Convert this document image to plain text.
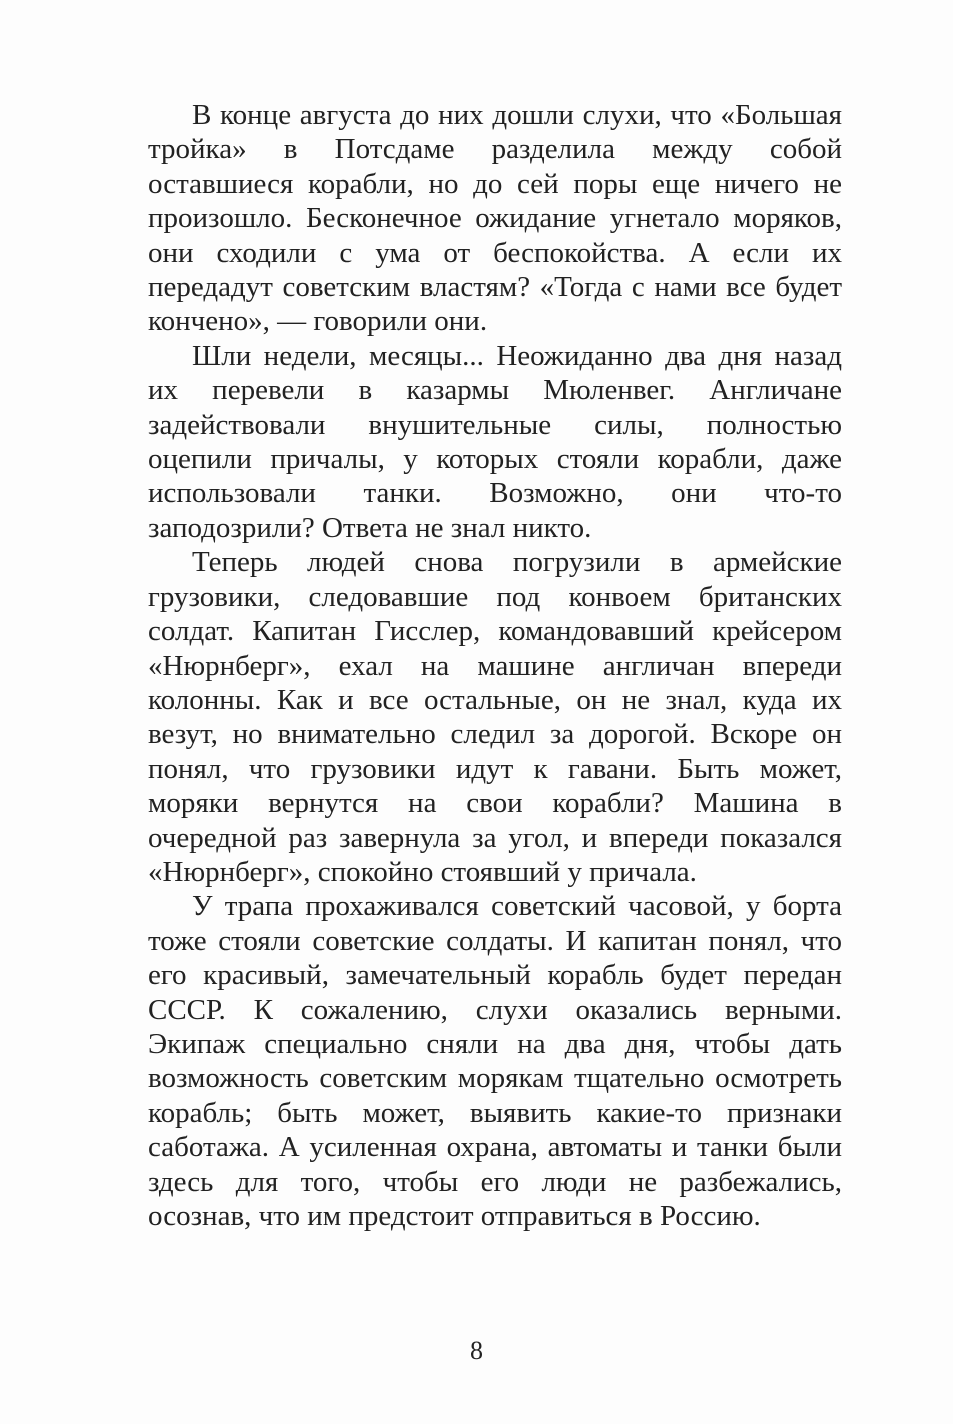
В конце августа до них дошли слухи, что «Большая тройка» в Потсдаме разделила между собой оставшиеся корабли, но до сей поры еще ничего не произошло. Бесконечное ожидание угнетало моряков, они сходили с ума от беспокойства. А если их передадут советским властям? «Тогда с нами все будет кончено», — говорили они.

Шли недели, месяцы... Неожиданно два дня назад их перевели в казармы Мюленвег. Англичане задействовали внушительные силы, полностью оцепили причалы, у которых стояли корабли, даже использовали танки. Возможно, они что-то заподозрили? Ответа не знал никто.

Теперь людей снова погрузили в армейские грузовики, следовавшие под конвоем британских солдат. Капитан Гисслер, командовавший крейсером «Нюрнберг», ехал на машине англичан впереди колонны. Как и все остальные, он не знал, куда их везут, но внимательно следил за дорогой. Вскоре он понял, что грузовики идут к гавани. Быть может, моряки вернутся на свои корабли? Машина в очередной раз завернула за угол, и впереди показался «Нюрнберг», спокойно стоявший у причала.

У трапа прохаживался советский часовой, у борта тоже стояли советские солдаты. И капитан понял, что его красивый, замечательный корабль будет передан СССР. К сожалению, слухи оказались верными. Экипаж специально сняли на два дня, чтобы дать возможность советским морякам тщательно осмотреть корабль; быть может, выявить какие-то признаки саботажа. А усиленная охрана, автоматы и танки были здесь для того, чтобы его люди не разбежались, осознав, что им предстоит отправиться в Россию.

8
